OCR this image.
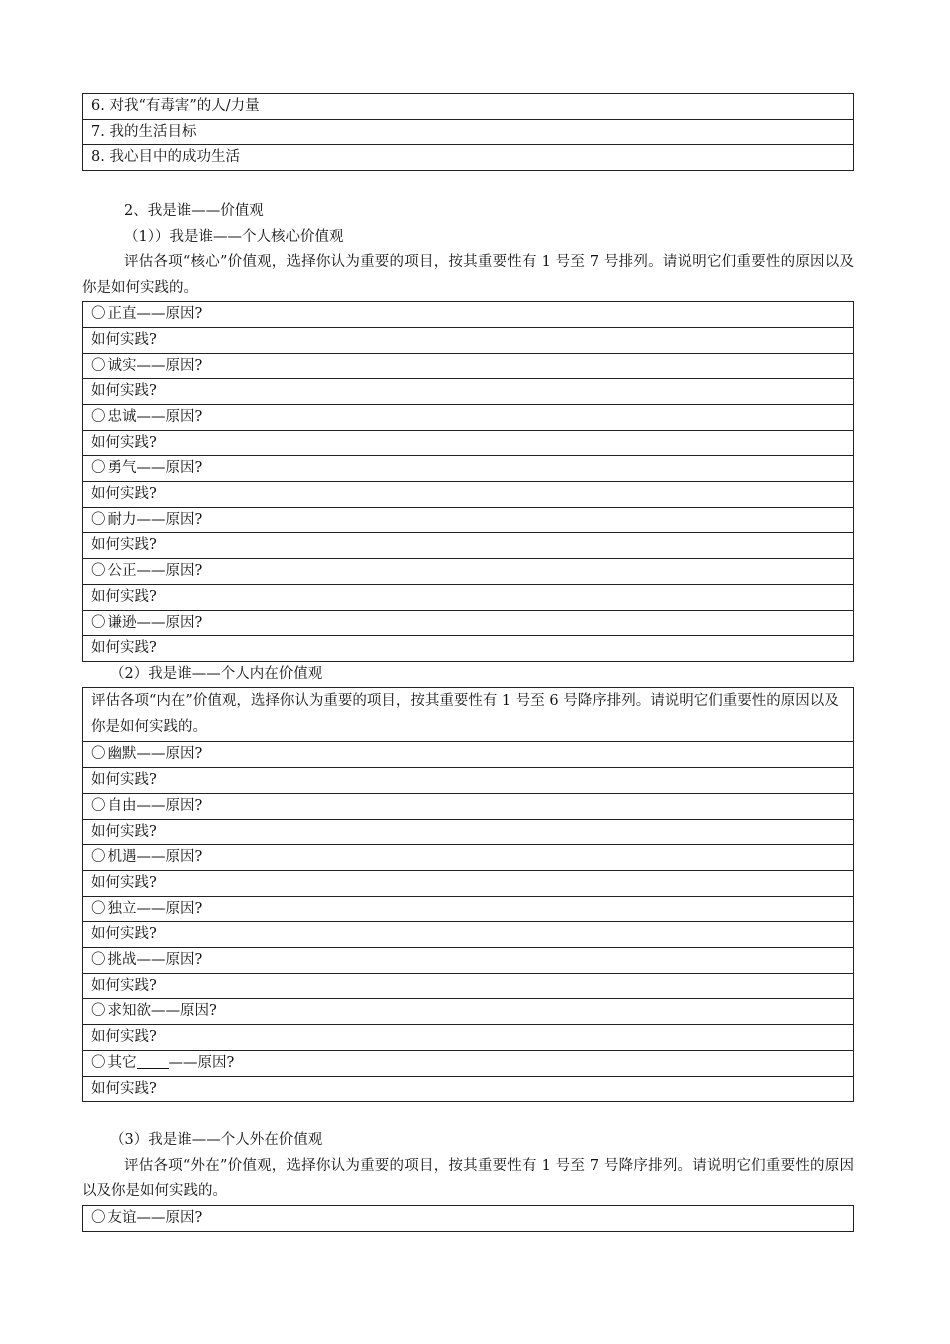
6. 对我“有毒害”的人/力量
7. 我的生活目标
8. 我心目中的成功生活
2、我是谁——价值观
（1））我是谁——个人核心价值观
评估各项“核心”价值观，选择你认为重要的项目，按其重要性有 1 号至 7 号排列。请说明它们重要性的原因以及你是如何实践的。
〇 正直——原因?
如何实践?
〇 诚实——原因?
如何实践?
〇 忠诚——原因?
如何实践?
〇 勇气——原因?
如何实践?
〇 耐力——原因?
如何实践?
〇 公正——原因?
如何实践?
〇 谦逊——原因?
如何实践?
（2）我是谁——个人内在价值观
评估各项“内在”价值观，选择你认为重要的项目，按其重要性有 1 号至 6 号降序排列。请说明它们重要性的原因以及你是如何实践的。
〇 幽默——原因?
如何实践?
〇 自由——原因?
如何实践?
〇 机遇——原因?
如何实践?
〇 独立——原因?
如何实践?
〇 挑战——原因?
如何实践?
〇 求知欲——原因?
如何实践?
〇 其它 ——原因?
如何实践?
（3）我是谁——个人外在价值观
评估各项“外在”价值观，选择你认为重要的项目，按其重要性有 1 号至 7 号降序排列。请说明它们重要性的原因以及你是如何实践的。
〇 友谊——原因?
